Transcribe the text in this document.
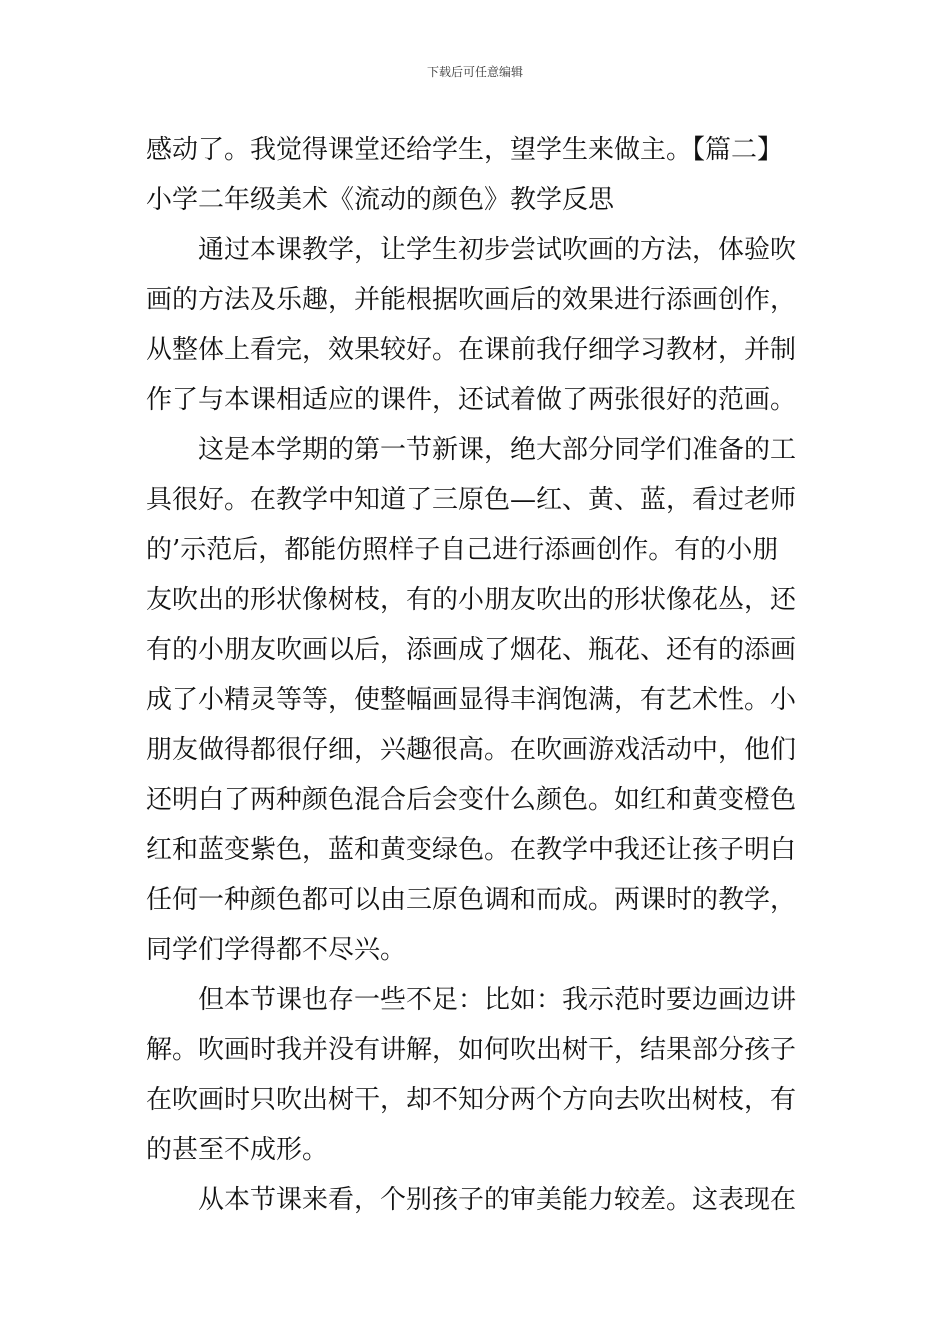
下载后可任意编辑
感动了。我觉得课堂还给学生，望学生来做主。【篇二】
小学二年级美术《流动的颜色》教学反思
通过本课教学，让学生初步尝试吹画的方法，体验吹
画的方法及乐趣，并能根据吹画后的效果进行添画创作，
从整体上看完，效果较好。在课前我仔细学习教材，并制
作了与本课相适应的课件，还试着做了两张很好的范画。
这是本学期的第一节新课，绝大部分同学们准备的工
具很好。在教学中知道了三原色—红、黄、蓝，看过老师
的’示范后，都能仿照样子自己进行添画创作。有的小朋
友吹出的形状像树枝，有的小朋友吹出的形状像花丛，还
有的小朋友吹画以后，添画成了烟花、瓶花、还有的添画
成了小精灵等等，使整幅画显得丰润饱满，有艺术性。小
朋友做得都很仔细，兴趣很高。在吹画游戏活动中，他们
还明白了两种颜色混合后会变什么颜色。如红和黄变橙色
红和蓝变紫色，蓝和黄变绿色。在教学中我还让孩子明白
任何一种颜色都可以由三原色调和而成。两课时的教学，
同学们学得都不尽兴。
但本节课也存一些不足：比如：我示范时要边画边讲
解。吹画时我并没有讲解，如何吹出树干，结果部分孩子
在吹画时只吹出树干，却不知分两个方向去吹出树枝，有
的甚至不成形。
从本节课来看，个别孩子的审美能力较差。这表现在
